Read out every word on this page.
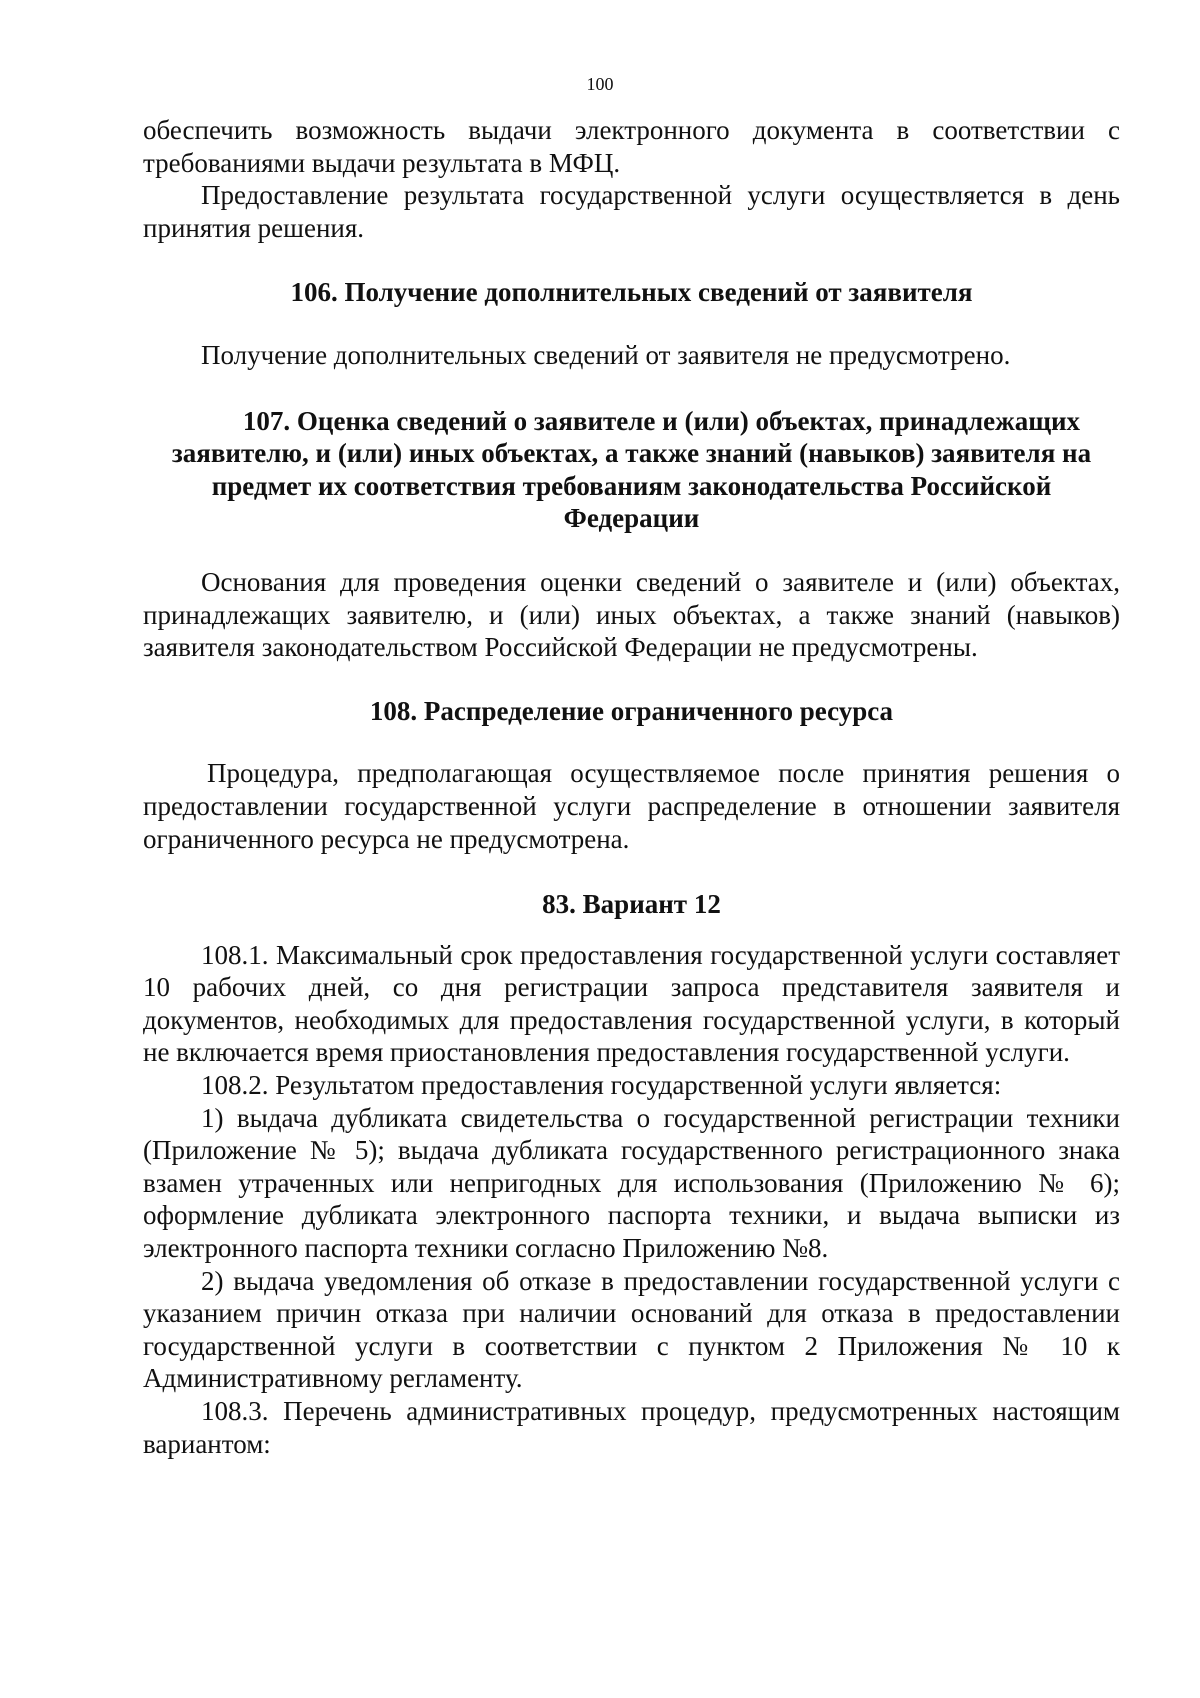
100

обеспечить возможность выдачи электронного документа в соответствии с требованиями выдачи результата в МФЦ.

Предоставление результата государственной услуги осуществляется в день принятия решения.

106. Получение дополнительных сведений от заявителя

Получение дополнительных сведений от заявителя не предусмотрено.

107. Оценка сведений о заявителе и (или) объектах, принадлежащих заявителю, и (или) иных объектах, а также знаний (навыков) заявителя на предмет их соответствия требованиям законодательства Российской Федерации

Основания для проведения оценки сведений о заявителе и (или) объектах, принадлежащих заявителю, и (или) иных объектах, а также знаний (навыков) заявителя законодательством Российской Федерации не предусмотрены.

108. Распределение ограниченного ресурса

Процедура, предполагающая осуществляемое после принятия решения о предоставлении государственной услуги распределение в отношении заявителя ограниченного ресурса не предусмотрена.

83. Вариант 12

108.1. Максимальный срок предоставления государственной услуги составляет 10 рабочих дней, со дня регистрации запроса представителя заявителя и документов, необходимых для предоставления государственной услуги, в который не включается время приостановления предоставления государственной услуги.

108.2. Результатом предоставления государственной услуги является:

1) выдача дубликата свидетельства о государственной регистрации техники (Приложение № 5); выдача дубликата государственного регистрационного знака взамен утраченных или непригодных для использования (Приложению № 6); оформление дубликата электронного паспорта техники, и выдача выписки из электронного паспорта техники согласно Приложению №8.

2) выдача уведомления об отказе в предоставлении государственной услуги с указанием причин отказа при наличии оснований для отказа в предоставлении государственной услуги в соответствии с пунктом 2 Приложения № 10 к Административному регламенту.

108.3. Перечень административных процедур, предусмотренных настоящим вариантом:
